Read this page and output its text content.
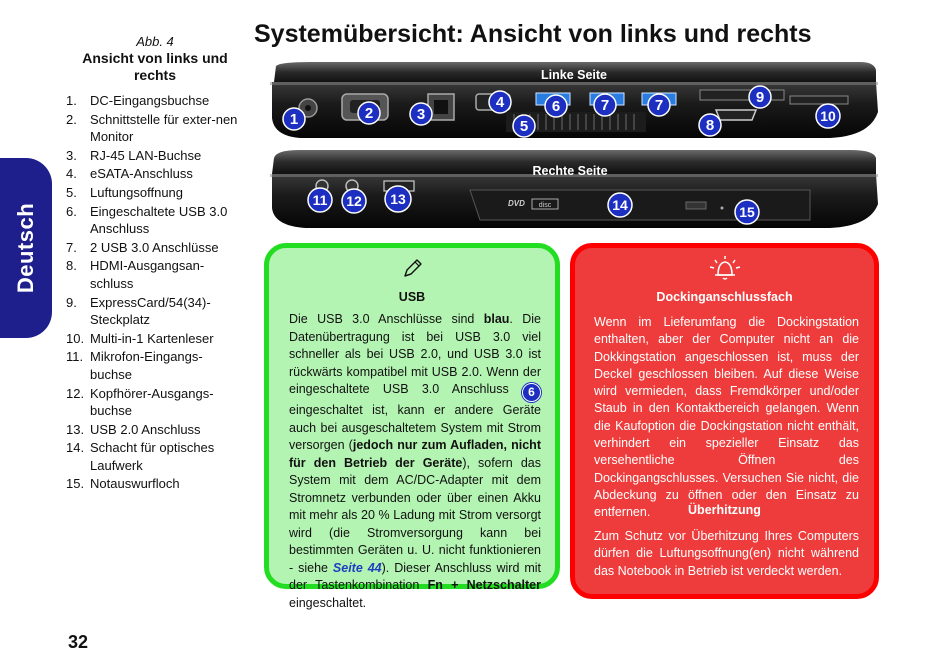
Deutsch
Abb. 4
Ansicht von links und rechts
1.	DC-Eingangsbuchse
2.	Schnittstelle für exter-nen Monitor
3.	RJ-45 LAN-Buchse
4.	eSATA-Anschluss
5.	Luftungsoffnung
6.	Eingeschaltete USB 3.0 Anschluss
7.	2 USB 3.0 Anschlüsse
8.	HDMI-Ausgangsan-schluss
9.	ExpressCard/54(34)-Steckplatz
10. Multi-in-1 Kartenleser
11. Mikrofon-Eingangs-buchse
12. Kopfhörer-Ausgangs-buchse
13. USB 2.0 Anschluss
14. Schacht für optisches Laufwerk
15. Notauswurfloch
32
Systemübersicht: Ansicht von links und rechts
Linke Seite
1	2	3
4
5
6	7	7
8
9
10
Rechte Seite
DVD disc
11 12 13	14	15
USB
Die USB 3.0 Anschlüsse sind blau. Die Datenübertragung ist bei USB 3.0 viel schneller als bei USB 2.0, und USB 3.0 ist rückwärts kompatibel mit USB 2.0. Wenn der eingeschaltete USB 3.0 Anschluss 6 eingeschaltet ist, kann er andere Geräte auch bei ausgeschaltetem System mit Strom versorgen (jedoch nur zum Aufladen, nicht für den Betrieb der Geräte), sofern das System mit dem AC/DC-Adapter mit dem Stromnetz verbunden oder über einen Akku mit mehr als 20 % Ladung mit Strom versorgt wird (die Stromversorgung kann bei bestimmten Geräten u. U. nicht funktionieren - siehe Seite 44). Dieser Anschluss wird mit der Tastenkombination Fn + Netzschalter eingeschaltet.
Dockinganschlussfach
Wenn im Lieferumfang die Dockingstation enthalten, aber der Computer nicht an die Dokkingstation angeschlossen ist, muss der Deckel geschlossen bleiben. Auf diese Weise wird vermieden, dass Fremdkörper und/oder Staub in den Kontaktbereich gelangen. Wenn die Kaufoption die Dockingstation nicht enthält, verhindert ein spezieller Einsatz das versehentliche Öffnen des Dockingangschlusses. Versuchen Sie nicht, die Abdeckung zu öffnen oder den Einsatz zu entfernen.	Überhitzung
Zum Schutz vor Überhitzung Ihres Computers dürfen die Luftungsoffnung(en) nicht während das Notebook in Betrieb ist verdeckt werden.
